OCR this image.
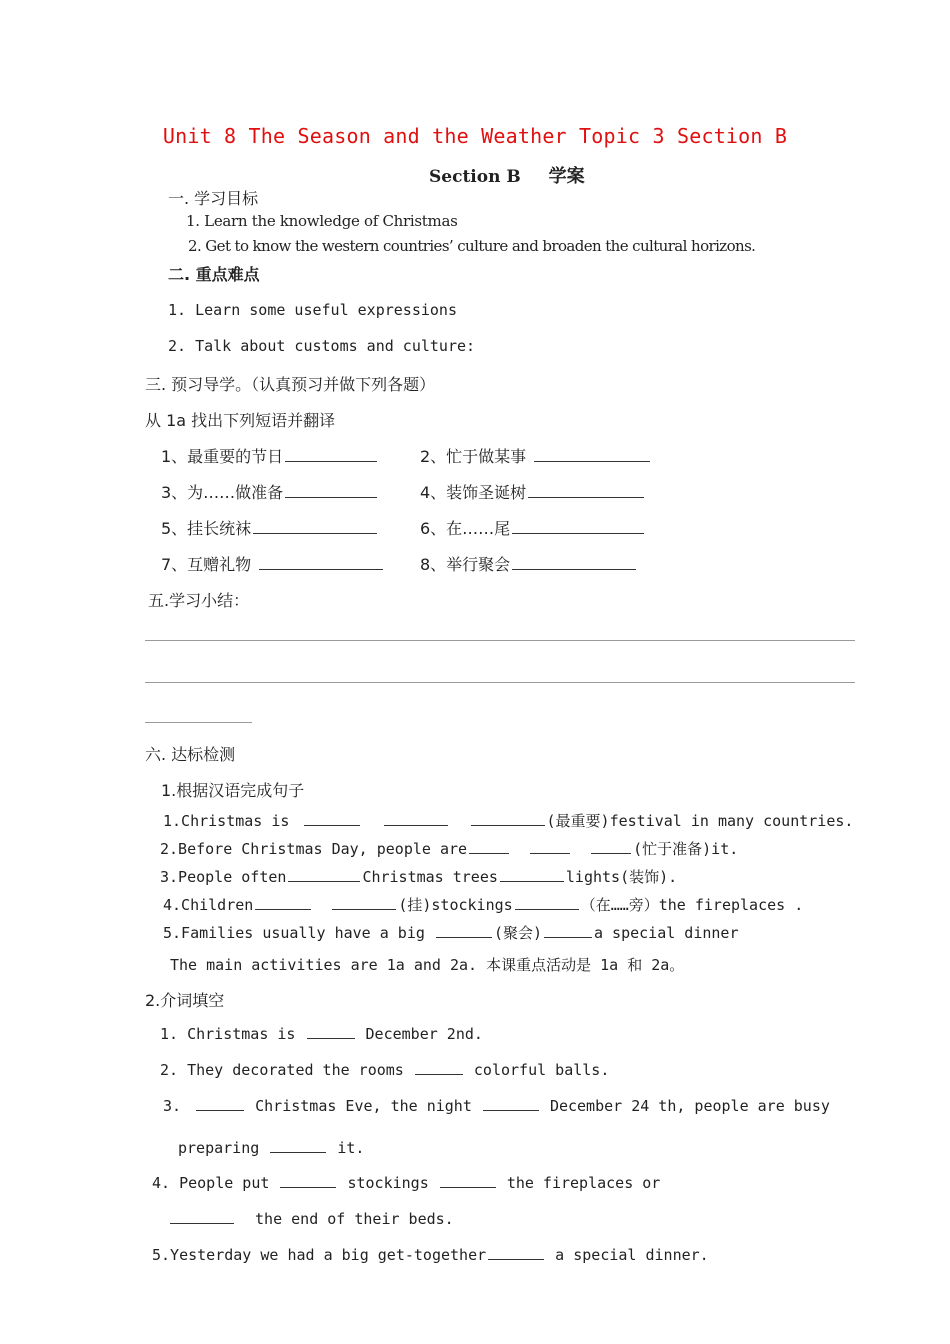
Unit 8 The Season and the Weather Topic 3 Section B
Section B 学案
一. 学习目标
1. Learn the knowledge of Christmas
2. Get to know the western countries’ culture and broaden the cultural horizons.
二. 重点难点
1. Learn some useful expressions
2. Talk about customs and culture:
三. 预习导学。（认真预习并做下列各题）
从 1a 找出下列短语并翻译
1、最重要的节日	2、忙于做某事
3、为……做准备	4、装饰圣诞树
5、挂长统袜	6、在……尾
7、互赠礼物	8、举行聚会
五.学习小结：
六. 达标检测
1.根据汉语完成句子
1.Christmas is	(最重要)festival in many countries.
2.Before Christmas Day, people are	(忙于准备)it.
3.People often	Christmas trees	lights(装饰).
4.Children	(挂)stockings	（在……旁）the fireplaces .
5.Families usually have a big	(聚会)	a special dinner
The main activities are 1a and 2a. 本课重点活动是 1a 和 2a。
2.介词填空
1. Christmas is	December 2nd.
2. They decorated the rooms	colorful balls.
3.	Christmas Eve, the night	December 24 th, people are busy
preparing	it.
4. People put	stockings	the fireplaces or
the end of their beds.
5.Yesterday we had a big get-together	a special dinner.
